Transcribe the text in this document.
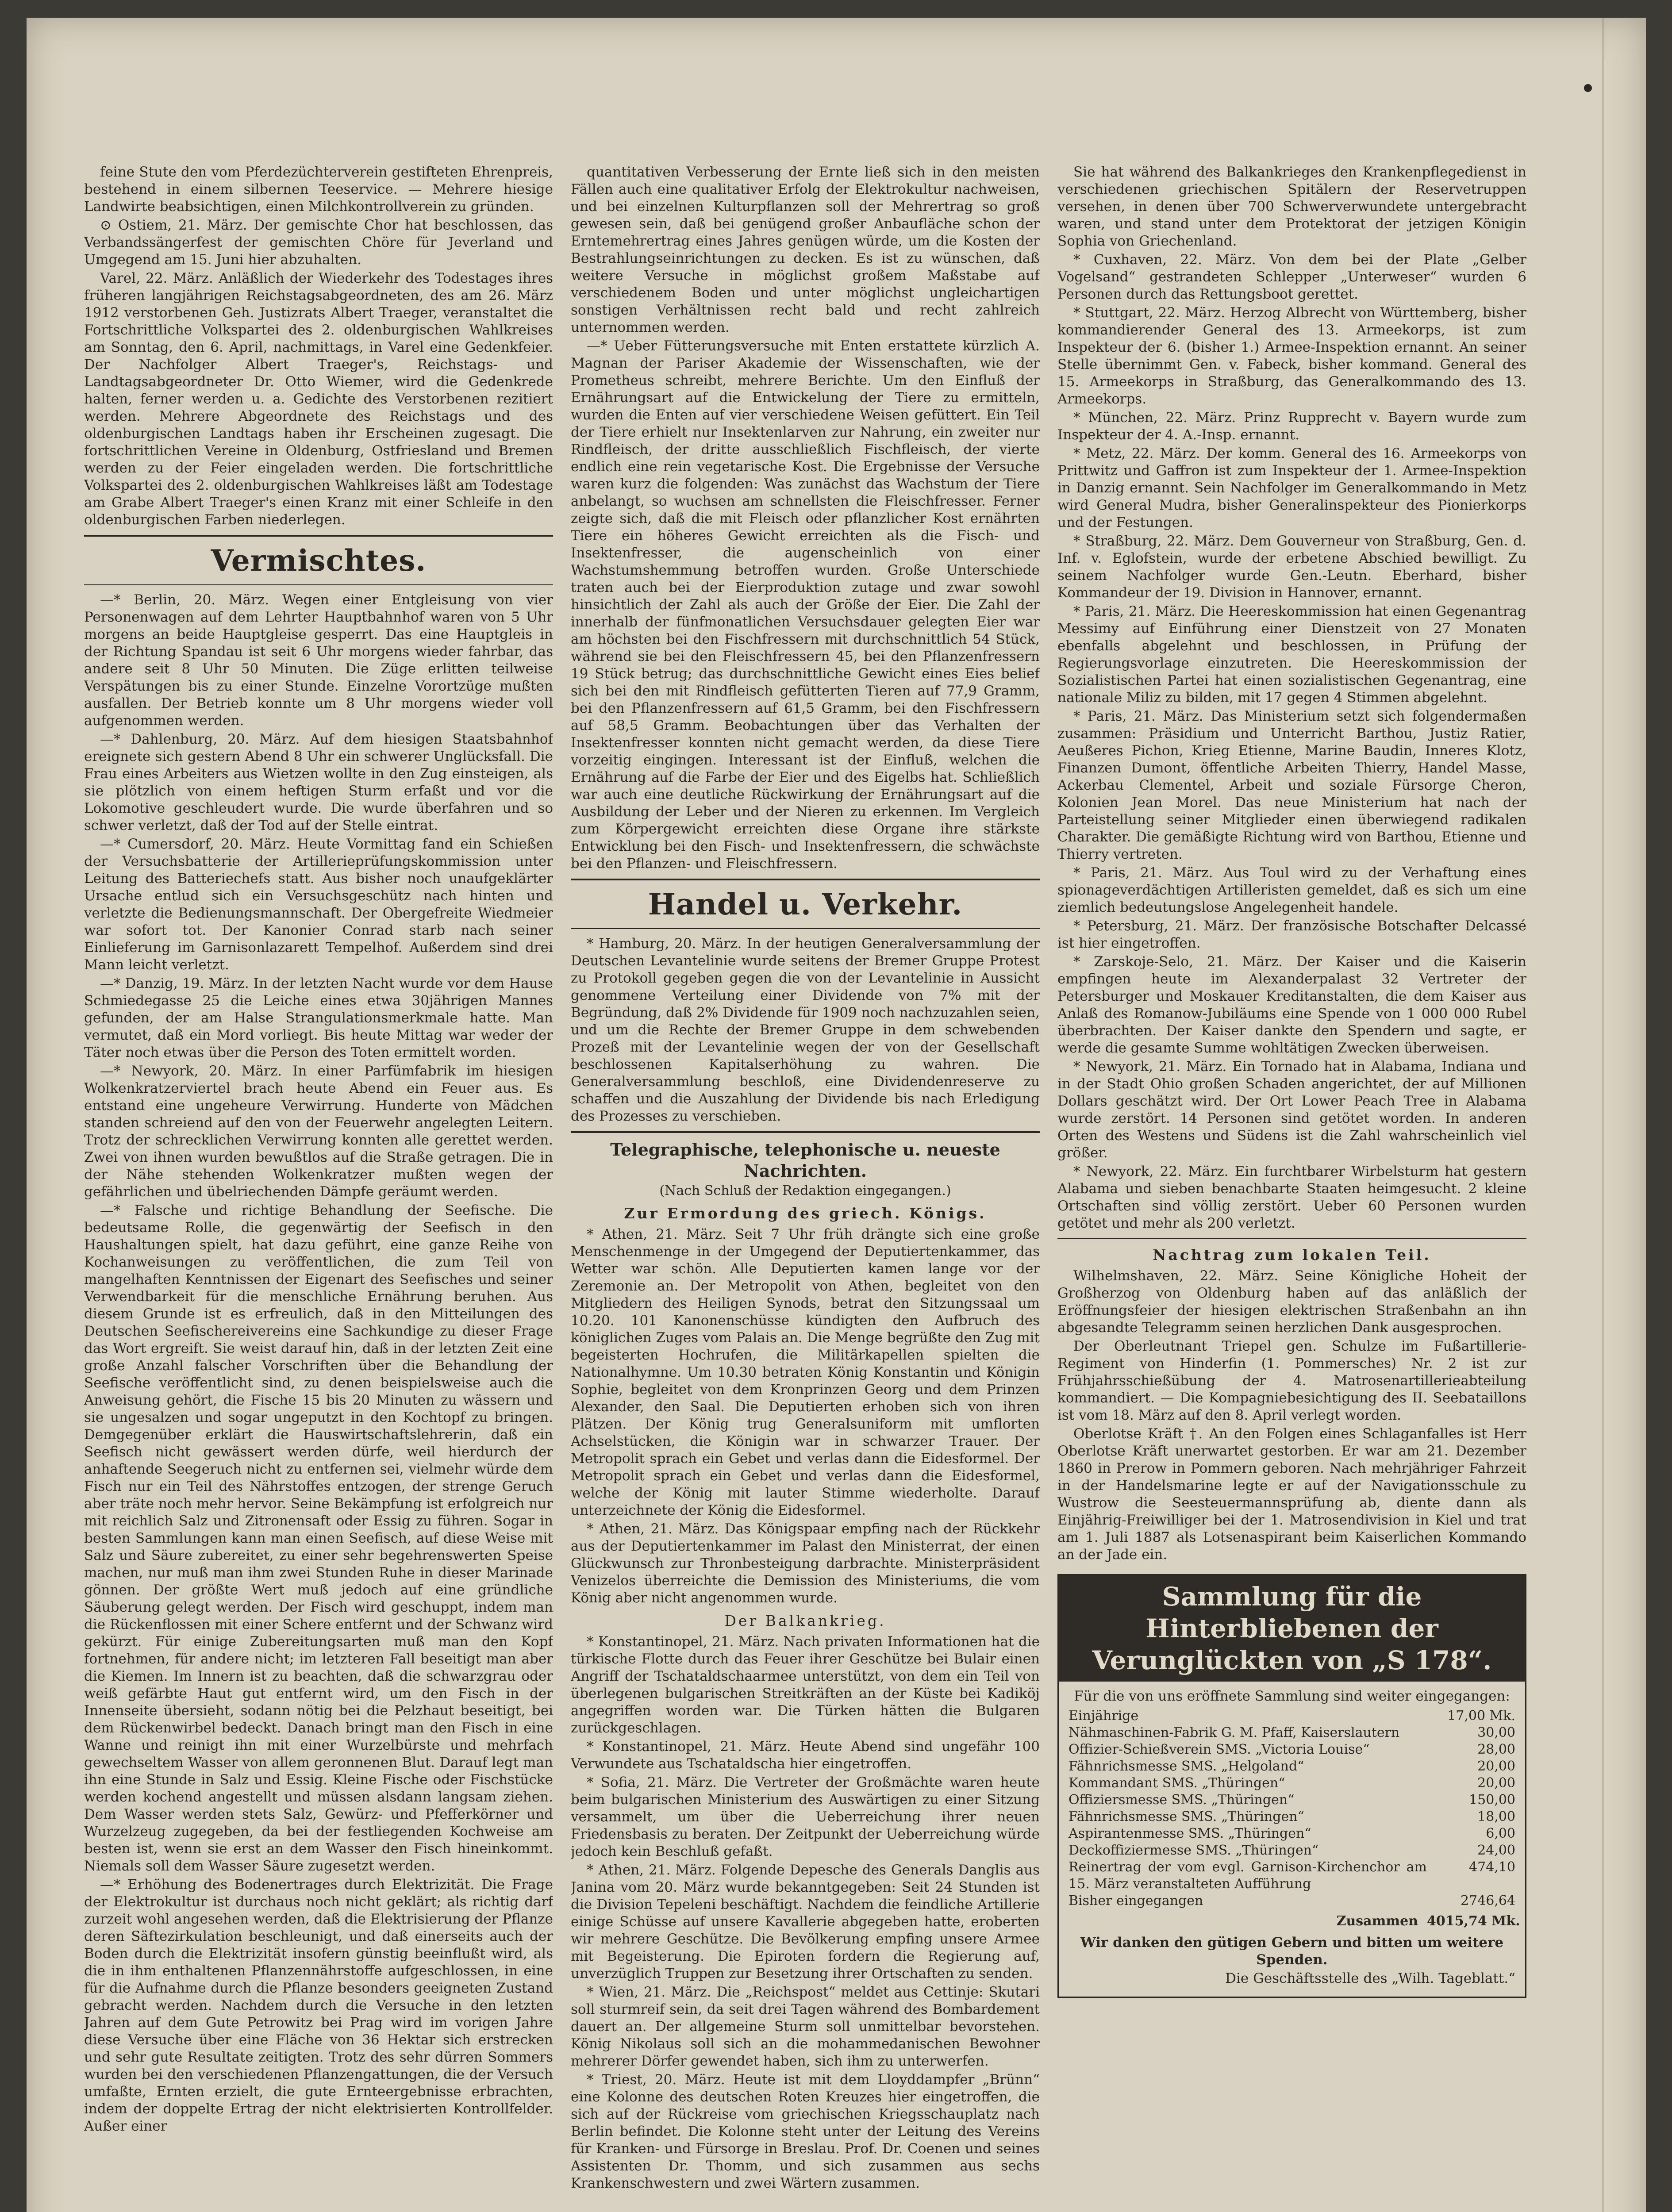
feine Stute den vom Pferdezüchterverein gestifteten Ehrenpreis, bestehend in einem silbernen Teeservice. — Mehrere hiesige Landwirte beabsichtigen, einen Milchkontrollverein zu gründen.

⊙ Ostiem, 21. März. Der gemischte Chor hat beschlossen, das Verbandssängerfest der gemischten Chöre für Jeverland und Umgegend am 15. Juni hier abzuhalten.

Varel, 22. März. Anläßlich der Wiederkehr des Todestages ihres früheren langjährigen Reichstagsabgeordneten, des am 26. März 1912 verstorbenen Geh. Justizrats Albert Traeger, veranstaltet die Fortschrittliche Volkspartei des 2. oldenburgischen Wahlkreises am Sonntag, den 6. April, nachmittags, in Varel eine Gedenkfeier. Der Nachfolger Albert Traeger's, Reichstags- und Landtagsabgeordneter Dr. Otto Wiemer, wird die Gedenkrede halten, ferner werden u. a. Gedichte des Verstorbenen rezitiert werden. Mehrere Abgeordnete des Reichstags und des oldenburgischen Landtags haben ihr Erscheinen zugesagt. Die fortschrittlichen Vereine in Oldenburg, Ostfriesland und Bremen werden zu der Feier eingeladen werden. Die fortschrittliche Volkspartei des 2. oldenburgischen Wahlkreises läßt am Todestage am Grabe Albert Traeger's einen Kranz mit einer Schleife in den oldenburgischen Farben niederlegen.

Vermischtes.

—* Berlin, 20. März. Wegen einer Entgleisung von vier Personenwagen auf dem Lehrter Hauptbahnhof waren von 5 Uhr morgens an beide Hauptgleise gesperrt. Das eine Hauptgleis in der Richtung Spandau ist seit 6 Uhr morgens wieder fahrbar, das andere seit 8 Uhr 50 Minuten. Die Züge erlitten teilweise Verspätungen bis zu einer Stunde. Einzelne Vorortzüge mußten ausfallen. Der Betrieb konnte um 8 Uhr morgens wieder voll aufgenommen werden.

—* Dahlenburg, 20. März. Auf dem hiesigen Staatsbahnhof ereignete sich gestern Abend 8 Uhr ein schwerer Unglücksfall. Die Frau eines Arbeiters aus Wietzen wollte in den Zug einsteigen, als sie plötzlich von einem heftigen Sturm erfaßt und vor die Lokomotive geschleudert wurde. Die wurde überfahren und so schwer verletzt, daß der Tod auf der Stelle eintrat.

—* Cumersdorf, 20. März. Heute Vormittag fand ein Schießen der Versuchsbatterie der Artillerieprüfungskommission unter Leitung des Batteriechefs statt. Aus bisher noch unaufgeklärter Ursache entlud sich ein Versuchsgeschütz nach hinten und verletzte die Bedienungsmannschaft. Der Obergefreite Wiedmeier war sofort tot. Der Kanonier Conrad starb nach seiner Einlieferung im Garnisonlazarett Tempelhof. Außerdem sind drei Mann leicht verletzt.

—* Danzig, 19. März. In der letzten Nacht wurde vor dem Hause Schmiedegasse 25 die Leiche eines etwa 30jährigen Mannes gefunden, der am Halse Strangulationsmerkmale hatte. Man vermutet, daß ein Mord vorliegt. Bis heute Mittag war weder der Täter noch etwas über die Person des Toten ermittelt worden.

—* Newyork, 20. März. In einer Parfümfabrik im hiesigen Wolkenkratzerviertel brach heute Abend ein Feuer aus. Es entstand eine ungeheure Verwirrung. Hunderte von Mädchen standen schreiend auf den von der Feuerwehr angelegten Leitern. Trotz der schrecklichen Verwirrung konnten alle gerettet werden. Zwei von ihnen wurden bewußtlos auf die Straße getragen. Die in der Nähe stehenden Wolkenkratzer mußten wegen der gefährlichen und übelriechenden Dämpfe geräumt werden.

—* Falsche und richtige Behandlung der Seefische. Die bedeutsame Rolle, die gegenwärtig der Seefisch in den Haushaltungen spielt, hat dazu geführt, eine ganze Reihe von Kochanweisungen zu veröffentlichen, die zum Teil von mangelhaften Kenntnissen der Eigenart des Seefisches und seiner Verwendbarkeit für die menschliche Ernährung beruhen. Aus diesem Grunde ist es erfreulich, daß in den Mitteilungen des Deutschen Seefischereivereins eine Sachkundige zu dieser Frage das Wort ergreift. Sie weist darauf hin, daß in der letzten Zeit eine große Anzahl falscher Vorschriften über die Behandlung der Seefische veröffentlicht sind, zu denen beispielsweise auch die Anweisung gehört, die Fische 15 bis 20 Minuten zu wässern und sie ungesalzen und sogar ungeputzt in den Kochtopf zu bringen. Demgegenüber erklärt die Hauswirtschaftslehrerin, daß ein Seefisch nicht gewässert werden dürfe, weil hierdurch der anhaftende Seegeruch nicht zu entfernen sei, vielmehr würde dem Fisch nur ein Teil des Nährstoffes entzogen, der strenge Geruch aber träte noch mehr hervor. Seine Bekämpfung ist erfolgreich nur mit reichlich Salz und Zitronensaft oder Essig zu führen. Sogar in besten Sammlungen kann man einen Seefisch, auf diese Weise mit Salz und Säure zubereitet, zu einer sehr begehrenswerten Speise machen, nur muß man ihm zwei Stunden Ruhe in dieser Marinade gönnen. Der größte Wert muß jedoch auf eine gründliche Säuberung gelegt werden. Der Fisch wird geschuppt, indem man die Rückenflossen mit einer Schere entfernt und der Schwanz wird gekürzt. Für einige Zubereitungsarten muß man den Kopf fortnehmen, für andere nicht; im letzteren Fall beseitigt man aber die Kiemen. Im Innern ist zu beachten, daß die schwarzgrau oder weiß gefärbte Haut gut entfernt wird, um den Fisch in der Innenseite übersieht, sodann nötig bei die Pelzhaut beseitigt, bei dem Rückenwirbel bedeckt. Danach bringt man den Fisch in eine Wanne und reinigt ihn mit einer Wurzelbürste und mehrfach gewechseltem Wasser von allem geronnenen Blut. Darauf legt man ihn eine Stunde in Salz und Essig. Kleine Fische oder Fischstücke werden kochend angestellt und müssen alsdann langsam ziehen. Dem Wasser werden stets Salz, Gewürz- und Pfefferkörner und Wurzelzeug zugegeben, da bei der festliegenden Kochweise am besten ist, wenn sie erst an dem Wasser den Fisch hineinkommt. Niemals soll dem Wasser Säure zugesetzt werden.

—* Erhöhung des Bodenertrages durch Elektrizität. Die Frage der Elektrokultur ist durchaus noch nicht geklärt; als richtig darf zurzeit wohl angesehen werden, daß die Elektrisierung der Pflanze deren Säftezirkulation beschleunigt, und daß einerseits auch der Boden durch die Elektrizität insofern günstig beeinflußt wird, als die in ihm enthaltenen Pflanzennährstoffe aufgeschlossen, in eine für die Aufnahme durch die Pflanze besonders geeigneten Zustand gebracht werden. Nachdem durch die Versuche in den letzten Jahren auf dem Gute Petrowitz bei Prag wird im vorigen Jahre diese Versuche über eine Fläche von 36 Hektar sich erstrecken und sehr gute Resultate zeitigten. Trotz des sehr dürren Sommers wurden bei den verschiedenen Pflanzengattungen, die der Versuch umfaßte, Ernten erzielt, die gute Ernteergebnisse erbrachten, indem der doppelte Ertrag der nicht elektrisierten Kontrollfelder. Außer einer

quantitativen Verbesserung der Ernte ließ sich in den meisten Fällen auch eine qualitativer Erfolg der Elektrokultur nachweisen, und bei einzelnen Kulturpflanzen soll der Mehrertrag so groß gewesen sein, daß bei genügend großer Anbaufläche schon der Erntemehrertrag eines Jahres genügen würde, um die Kosten der Bestrahlungseinrichtungen zu decken. Es ist zu wünschen, daß weitere Versuche in möglichst großem Maßstabe auf verschiedenem Boden und unter möglichst ungleichartigen sonstigen Verhältnissen recht bald und recht zahlreich unternommen werden.

—* Ueber Fütterungsversuche mit Enten erstattete kürzlich A. Magnan der Pariser Akademie der Wissenschaften, wie der Prometheus schreibt, mehrere Berichte. Um den Einfluß der Ernährungsart auf die Entwickelung der Tiere zu ermitteln, wurden die Enten auf vier verschiedene Weisen gefüttert. Ein Teil der Tiere erhielt nur Insektenlarven zur Nahrung, ein zweiter nur Rindfleisch, der dritte ausschließlich Fischfleisch, der vierte endlich eine rein vegetarische Kost. Die Ergebnisse der Versuche waren kurz die folgenden: Was zunächst das Wachstum der Tiere anbelangt, so wuchsen am schnellsten die Fleischfresser. Ferner zeigte sich, daß die mit Fleisch oder pflanzlicher Kost ernährten Tiere ein höheres Gewicht erreichten als die Fisch- und Insektenfresser, die augenscheinlich von einer Wachstumshemmung betroffen wurden. Große Unterschiede traten auch bei der Eierproduktion zutage und zwar sowohl hinsichtlich der Zahl als auch der Größe der Eier. Die Zahl der innerhalb der fünfmonatlichen Versuchsdauer gelegten Eier war am höchsten bei den Fischfressern mit durchschnittlich 54 Stück, während sie bei den Fleischfressern 45, bei den Pflanzenfressern 19 Stück betrug; das durchschnittliche Gewicht eines Eies belief sich bei den mit Rindfleisch gefütterten Tieren auf 77,9 Gramm, bei den Pflanzenfressern auf 61,5 Gramm, bei den Fischfressern auf 58,5 Gramm. Beobachtungen über das Verhalten der Insektenfresser konnten nicht gemacht werden, da diese Tiere vorzeitig eingingen. Interessant ist der Einfluß, welchen die Ernährung auf die Farbe der Eier und des Eigelbs hat. Schließlich war auch eine deutliche Rückwirkung der Ernährungsart auf die Ausbildung der Leber und der Nieren zu erkennen. Im Vergleich zum Körpergewicht erreichten diese Organe ihre stärkste Entwicklung bei den Fisch- und Insektenfressern, die schwächste bei den Pflanzen- und Fleischfressern.

Handel u. Verkehr.

* Hamburg, 20. März. In der heutigen Generalversammlung der Deutschen Levantelinie wurde seitens der Bremer Gruppe Protest zu Protokoll gegeben gegen die von der Levantelinie in Aussicht genommene Verteilung einer Dividende von 7% mit der Begründung, daß 2% Dividende für 1909 noch nachzuzahlen seien, und um die Rechte der Bremer Gruppe in dem schwebenden Prozeß mit der Levantelinie wegen der von der Gesellschaft beschlossenen Kapitalserhöhung zu wahren. Die Generalversammlung beschloß, eine Dividendenreserve zu schaffen und die Auszahlung der Dividende bis nach Erledigung des Prozesses zu verschieben.

Telegraphische, telephonische u. neueste Nachrichten.
(Nach Schluß der Redaktion eingegangen.)
Zur Ermordung des griech. Königs.

* Athen, 21. März. Seit 7 Uhr früh drängte sich eine große Menschenmenge in der Umgegend der Deputiertenkammer, das Wetter war schön. Alle Deputierten kamen lange vor der Zeremonie an. Der Metropolit von Athen, begleitet von den Mitgliedern des Heiligen Synods, betrat den Sitzungssaal um 10.20. 101 Kanonenschüsse kündigten den Aufbruch des königlichen Zuges vom Palais an. Die Menge begrüßte den Zug mit begeisterten Hochrufen, die Militärkapellen spielten die Nationalhymne. Um 10.30 betraten König Konstantin und Königin Sophie, begleitet von dem Kronprinzen Georg und dem Prinzen Alexander, den Saal. Die Deputierten erhoben sich von ihren Plätzen. Der König trug Generalsuniform mit umflorten Achselstücken, die Königin war in schwarzer Trauer. Der Metropolit sprach ein Gebet und verlas dann die Eidesformel. Der Metropolit sprach ein Gebet und verlas dann die Eidesformel, welche der König mit lauter Stimme wiederholte. Darauf unterzeichnete der König die Eidesformel.

* Athen, 21. März. Das Königspaar empfing nach der Rückkehr aus der Deputiertenkammer im Palast den Ministerrat, der einen Glückwunsch zur Thronbesteigung darbrachte. Ministerpräsident Venizelos überreichte die Demission des Ministeriums, die vom König aber nicht angenommen wurde.

Der Balkankrieg.

* Konstantinopel, 21. März. Nach privaten Informationen hat die türkische Flotte durch das Feuer ihrer Geschütze bei Bulair einen Angriff der Tschataldschaarmee unterstützt, von dem ein Teil von überlegenen bulgarischen Streitkräften an der Küste bei Kadiköj angegriffen worden war. Die Türken hätten die Bulgaren zurückgeschlagen.

* Konstantinopel, 21. März. Heute Abend sind ungefähr 100 Verwundete aus Tschataldscha hier eingetroffen.

* Sofia, 21. März. Die Vertreter der Großmächte waren heute beim bulgarischen Ministerium des Auswärtigen zu einer Sitzung versammelt, um über die Ueberreichung ihrer neuen Friedensbasis zu beraten. Der Zeitpunkt der Ueberreichung würde jedoch kein Beschluß gefaßt.

* Athen, 21. März. Folgende Depesche des Generals Danglis aus Janina vom 20. März wurde bekanntgegeben: Seit 24 Stunden ist die Division Tepeleni beschäftigt. Nachdem die feindliche Artillerie einige Schüsse auf unsere Kavallerie abgegeben hatte, eroberten wir mehrere Geschütze. Die Bevölkerung empfing unsere Armee mit Begeisterung. Die Epiroten fordern die Regierung auf, unverzüglich Truppen zur Besetzung ihrer Ortschaften zu senden.

* Wien, 21. März. Die „Reichspost“ meldet aus Cettinje: Skutari soll sturmreif sein, da seit drei Tagen während des Bombardement dauert an. Der allgemeine Sturm soll unmittelbar bevorstehen. König Nikolaus soll sich an die mohammedanischen Bewohner mehrerer Dörfer gewendet haben, sich ihm zu unterwerfen.

* Triest, 20. März. Heute ist mit dem Lloyddampfer „Brünn“ eine Kolonne des deutschen Roten Kreuzes hier eingetroffen, die sich auf der Rückreise vom griechischen Kriegsschauplatz nach Berlin befindet. Die Kolonne steht unter der Leitung des Vereins für Kranken- und Fürsorge in Breslau. Prof. Dr. Coenen und seines Assistenten Dr. Thomm, und sich zusammen aus sechs Krankenschwestern und zwei Wärtern zusammen.

Sie hat während des Balkankrieges den Krankenpflegedienst in verschiedenen griechischen Spitälern der Reservetruppen versehen, in denen über 700 Schwerverwundete untergebracht waren, und stand unter dem Protektorat der jetzigen Königin Sophia von Griechenland.

* Cuxhaven, 22. März. Von dem bei der Plate „Gelber Vogelsand“ gestrandeten Schlepper „Unterweser“ wurden 6 Personen durch das Rettungsboot gerettet.

* Stuttgart, 22. März. Herzog Albrecht von Württemberg, bisher kommandierender General des 13. Armeekorps, ist zum Inspekteur der 6. (bisher 1.) Armee-Inspektion ernannt. An seiner Stelle übernimmt Gen. v. Fabeck, bisher kommand. General des 15. Armeekorps in Straßburg, das Generalkommando des 13. Armeekorps.

* München, 22. März. Prinz Rupprecht v. Bayern wurde zum Inspekteur der 4. A.-Insp. ernannt.

* Metz, 22. März. Der komm. General des 16. Armeekorps von Prittwitz und Gaffron ist zum Inspekteur der 1. Armee-Inspektion in Danzig ernannt. Sein Nachfolger im Generalkommando in Metz wird General Mudra, bisher Generalinspekteur des Pionierkorps und der Festungen.

* Straßburg, 22. März. Dem Gouverneur von Straßburg, Gen. d. Inf. v. Eglofstein, wurde der erbetene Abschied bewilligt. Zu seinem Nachfolger wurde Gen.-Leutn. Eberhard, bisher Kommandeur der 19. Division in Hannover, ernannt.

* Paris, 21. März. Die Heereskommission hat einen Gegenantrag Messimy auf Einführung einer Dienstzeit von 27 Monaten ebenfalls abgelehnt und beschlossen, in Prüfung der Regierungsvorlage einzutreten. Die Heereskommission der Sozialistischen Partei hat einen sozialistischen Gegenantrag, eine nationale Miliz zu bilden, mit 17 gegen 4 Stimmen abgelehnt.

* Paris, 21. März. Das Ministerium setzt sich folgendermaßen zusammen: Präsidium und Unterricht Barthou, Justiz Ratier, Aeußeres Pichon, Krieg Etienne, Marine Baudin, Inneres Klotz, Finanzen Dumont, öffentliche Arbeiten Thierry, Handel Masse, Ackerbau Clementel, Arbeit und soziale Fürsorge Cheron, Kolonien Jean Morel. Das neue Ministerium hat nach der Parteistellung seiner Mitglieder einen überwiegend radikalen Charakter. Die gemäßigte Richtung wird von Barthou, Etienne und Thierry vertreten.

* Paris, 21. März. Aus Toul wird zu der Verhaftung eines spionageverdächtigen Artilleristen gemeldet, daß es sich um eine ziemlich bedeutungslose Angelegenheit handele.

* Petersburg, 21. März. Der französische Botschafter Delcassé ist hier eingetroffen.

* Zarskoje-Selo, 21. März. Der Kaiser und die Kaiserin empfingen heute im Alexanderpalast 32 Vertreter der Petersburger und Moskauer Kreditanstalten, die dem Kaiser aus Anlaß des Romanow-Jubiläums eine Spende von 1 000 000 Rubel überbrachten. Der Kaiser dankte den Spendern und sagte, er werde die gesamte Summe wohltätigen Zwecken überweisen.

* Newyork, 21. März. Ein Tornado hat in Alabama, Indiana und in der Stadt Ohio großen Schaden angerichtet, der auf Millionen Dollars geschätzt wird. Der Ort Lower Peach Tree in Alabama wurde zerstört. 14 Personen sind getötet worden. In anderen Orten des Westens und Südens ist die Zahl wahrscheinlich viel größer.

* Newyork, 22. März. Ein furchtbarer Wirbelsturm hat gestern Alabama und sieben benachbarte Staaten heimgesucht. 2 kleine Ortschaften sind völlig zerstört. Ueber 60 Personen wurden getötet und mehr als 200 verletzt.

Nachtrag zum lokalen Teil.

Wilhelmshaven, 22. März. Seine Königliche Hoheit der Großherzog von Oldenburg haben auf das anläßlich der Eröffnungsfeier der hiesigen elektrischen Straßenbahn an ihn abgesandte Telegramm seinen herzlichen Dank ausgesprochen.

Der Oberleutnant Triepel gen. Schulze im Fußartillerie-Regiment von Hinderfin (1. Pommersches) Nr. 2 ist zur Frühjahrsschießübung der 4. Matrosenartillerieabteilung kommandiert. — Die Kompagniebesichtigung des II. Seebataillons ist vom 18. März auf den 8. April verlegt worden.

Oberlotse Kräft †. An den Folgen eines Schlaganfalles ist Herr Oberlotse Kräft unerwartet gestorben. Er war am 21. Dezember 1860 in Prerow in Pommern geboren. Nach mehrjähriger Fahrzeit in der Handelsmarine legte er auf der Navigationsschule zu Wustrow die Seesteuermannsprüfung ab, diente dann als Einjährig-Freiwilliger bei der 1. Matrosendivision in Kiel und trat am 1. Juli 1887 als Lotsenaspirant beim Kaiserlichen Kommando an der Jade ein.

Sammlung für die Hinterbliebenen der Verunglückten von „S 178“.

Für die von uns eröffnete Sammlung sind weiter eingegangen:

Einjährige	17,00 Mk.
Nähmaschinen-Fabrik G. M. Pfaff, Kaiserslautern	30,00
Offizier-Schießverein SMS. „Victoria Louise“	28,00
Fähnrichsmesse SMS. „Helgoland“	20,00
Kommandant SMS. „Thüringen“	20,00
Offiziersmesse SMS. „Thüringen“	150,00
Fähnrichsmesse SMS. „Thüringen“	18,00
Aspirantenmesse SMS. „Thüringen“	6,00
Deckoffiziermesse SMS. „Thüringen“	24,00
Reinertrag der vom evgl. Garnison-Kirchenchor am 15. März veranstalteten Aufführung
474,10
Bisher eingegangen	2746,64
Zusammen 4015,74 Mk.

Wir danken den gütigen Gebern und bitten um weitere Spenden.

Die Geschäftsstelle des „Wilh. Tageblatt.“
